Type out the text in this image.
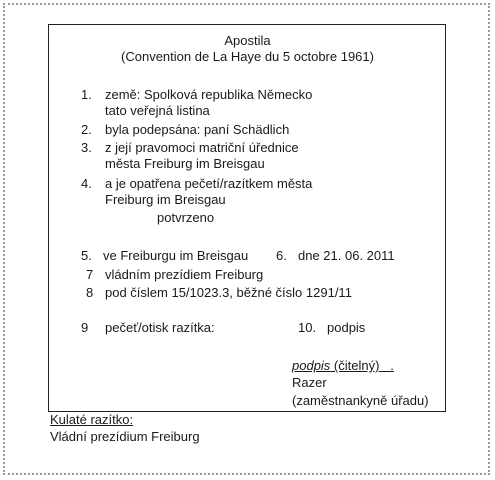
Apostila
(Convention de La Haye du 5 octobre 1961)
1. země: Spolková republika Německo
tato veřejná listina
2. byla podepsána: paní Schädlich
3. z její pravomoci matriční úřednice
města Freiburg im Breisgau
4. a je opatřena pečetí/razítkem města
Freiburg im Breisgau
potvrzeno
5. ve Freiburgu im Breisgau 6. dne 21. 06. 2011
7 vládním prezídiem Freiburg
8 pod číslem 15/1023.3, běžné číslo 1291/11
9 pečeť/otisk razítka:	10. podpis
podpis (čitelný)   .
Razer
(zaměstnankyně úřadu)
Kulaté razítko:
Vládní prezídium Freiburg
